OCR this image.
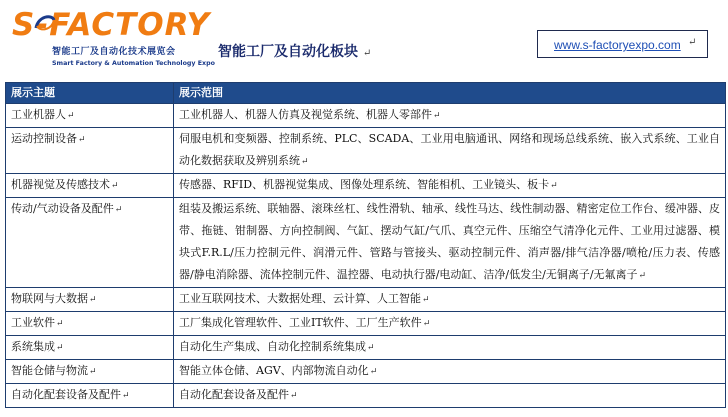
S-FACTORY
智能工厂及自动化技术展览会
Smart Factory & Automation Technology Expo
智能工厂及自动化板块 ↵
www.s-factoryexpo.com ↵
展示主题	展示范围
工业机器人↵	工业机器人、机器人仿真及视觉系统、机器人零部件↵
运动控制设备↵	伺服电机和变频器、控制系统、PLC、SCADA、工业用电脑通讯、网络和现场总线系统、嵌入式系统、工业自动化数据获取及辨别系统↵
机器视觉及传感技术↵	传感器、RFID、机器视觉集成、图像处理系统、智能相机、工业镜头、板卡↵
传动/气动设备及配件↵	组装及搬运系统、联轴器、滚珠丝杠、线性滑轨、轴承、线性马达、线性制动器、精密定位工作台、缓冲器、皮带、拖链、钳制器、方向控制阀、气缸、摆动气缸/气爪、真空元件、压缩空气清净化元件、工业用过滤器、模块式F.R.L/压力控制元件、润滑元件、管路与管接头、驱动控制元件、消声器/排气洁净器/喷枪/压力表、传感器/静电消除器、流体控制元件、温控器、电动执行器/电动缸、洁净/低发尘/无铜离子/无氟离子↵
物联网与大数据↵	工业互联网技术、大数据处理、云计算、人工智能↵
工业软件↵	工厂集成化管理软件、工业IT软件、工厂生产软件↵
系统集成↵	自动化生产集成、自动化控制系统集成↵
智能仓储与物流↵	智能立体仓储、AGV、内部物流自动化↵
自动化配套设备及配件↵	自动化配套设备及配件↵
